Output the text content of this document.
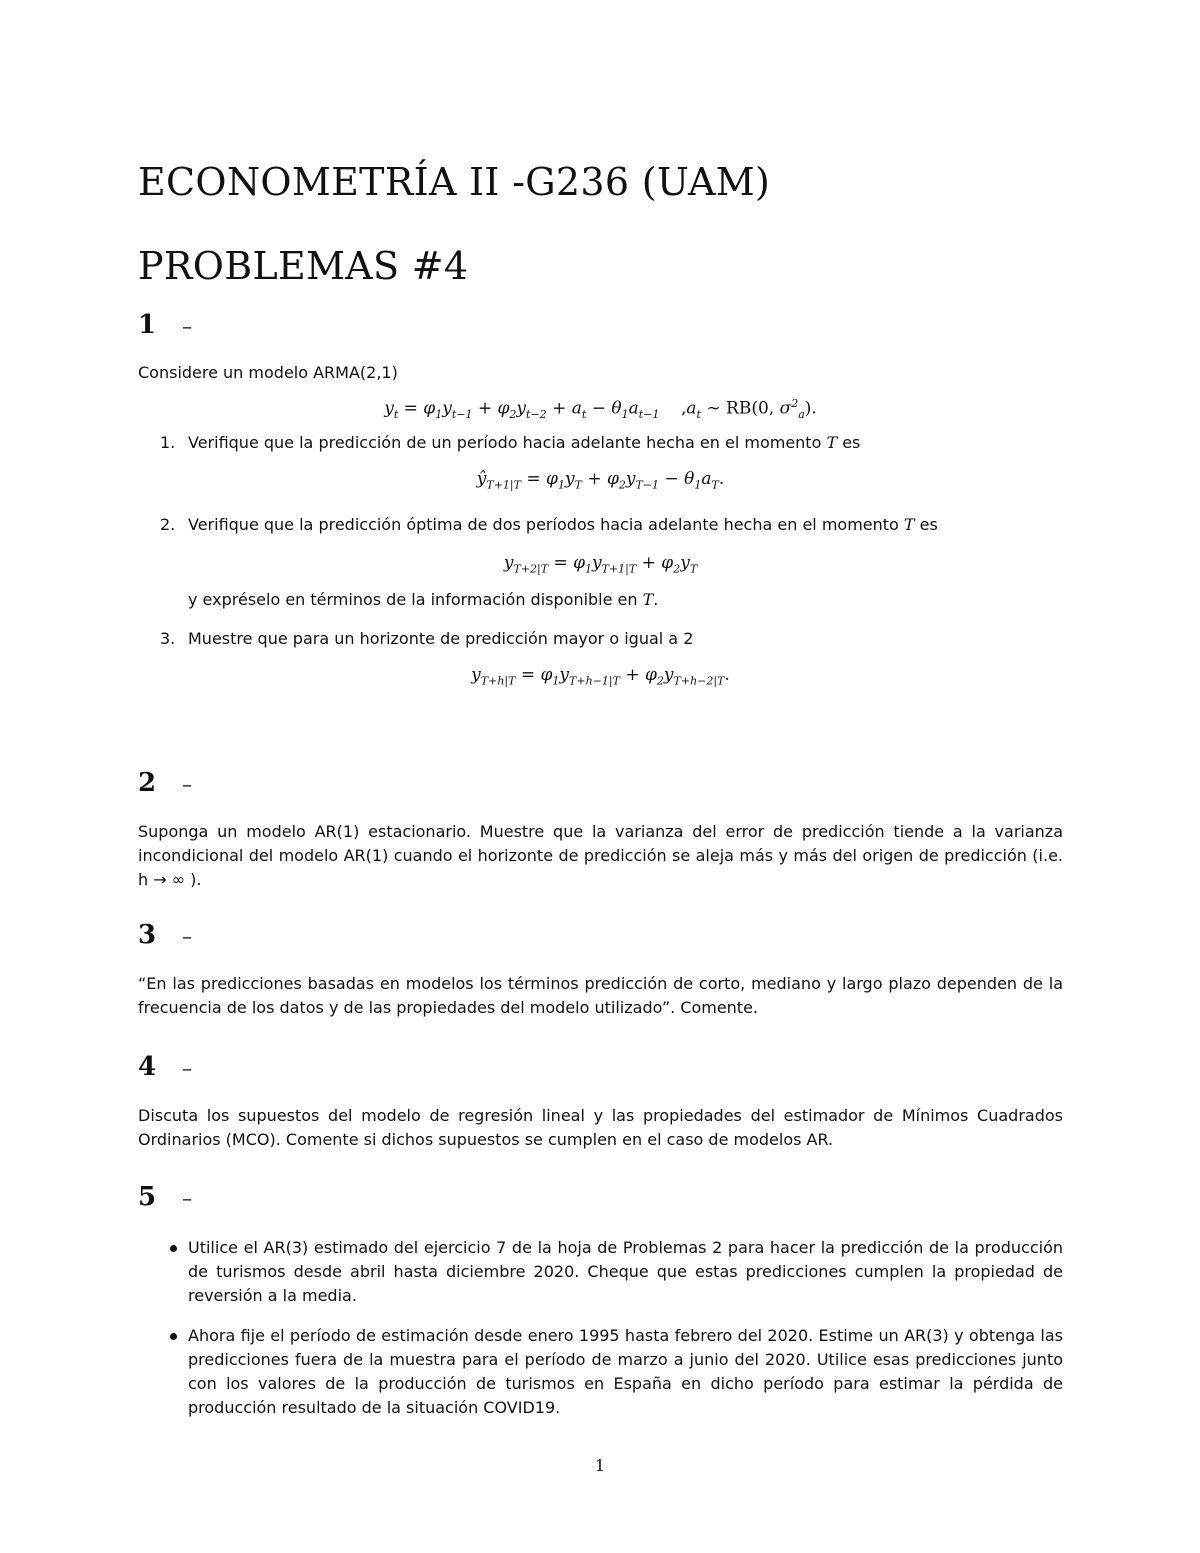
ECONOMETRÍA II -G236 (UAM)
PROBLEMAS #4
1 –

Considere un modelo ARMA(2,1)

$y_t = \varphi_1y_{t-1} + \varphi_2y_{t-2} + a_t - \theta_1a_{t-1}$ $,a_t$ ∼ RB(0, $\sigma^2_a$).
1. Verifique que la predicción de un período hacia adelante hecha en el momento T es
$ŷ_{T+1|T} = \varphi_1y_T + \varphi_2y_{T-1} - \theta_1a_T$.
2. Verifique que la predicción óptima de dos períodos hacia adelante hecha en el momento T es
$y_{T+2|T} = \varphi_1y_{T+1|T} + \varphi_2y_T$
y expréselo en términos de la información disponible en T.
3. Muestre que para un horizonte de predicción mayor o igual a 2
$y_{T+h|T} = \varphi_1y_{T+h-1|T} + \varphi_2y_{T+h-2|T}$.
2 –

Suponga un modelo AR(1) estacionario. Muestre que la varianza del error de predicción tiende a la varianza incondicional del modelo AR(1) cuando el horizonte de predicción se aleja más y más del origen de predicción (i.e. h → ∞ ).

3 –

“En las predicciones basadas en modelos los términos predicción de corto, mediano y largo plazo dependen de la frecuencia de los datos y de las propiedades del modelo utilizado”. Comente.

4 –

Discuta los supuestos del modelo de regresión lineal y las propiedades del estimador de Mínimos Cuadrados Ordinarios (MCO). Comente si dichos supuestos se cumplen en el caso de modelos AR.

5 –
Utilice el AR(3) estimado del ejercicio 7 de la hoja de Problemas 2 para hacer la predicción de la producción de turismos desde abril hasta diciembre 2020. Cheque que estas predicciones cumplen la propiedad de reversión a la media.
Ahora fije el período de estimación desde enero 1995 hasta febrero del 2020. Estime un AR(3) y obtenga las predicciones fuera de la muestra para el período de marzo a junio del 2020. Utilice esas predicciones junto con los valores de la producción de turismos en España en dicho período para estimar la pérdida de producción resultado de la situación COVID19.
1
